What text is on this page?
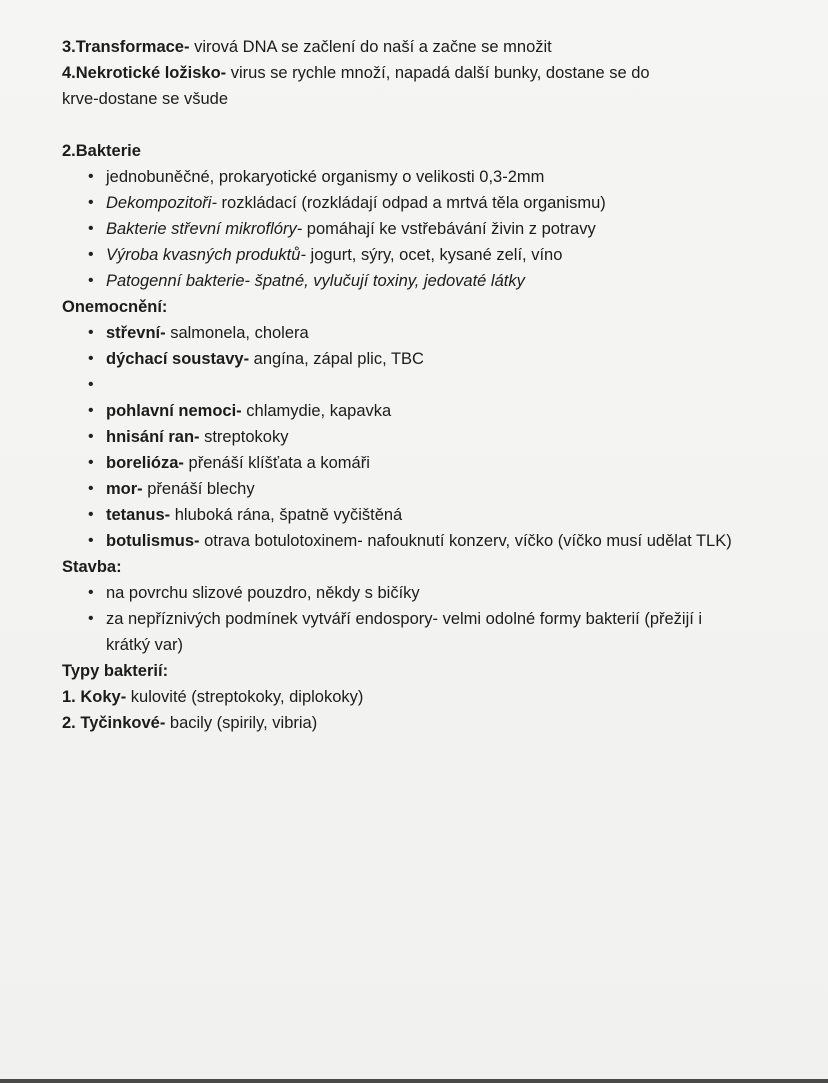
3.Transformace- virová DNA se začlení do naší a začne se množit

4.Nekrotické ložisko- virus se rychle množí, napadá další bunky, dostane se do

krve-dostane se všude

2.Bakterie

• jednobuněčné, prokaryotické organismy o velikosti 0,3-2mm
• Dekompozitoři- rozkládací (rozkládají odpad a mrtvá těla organismu)
• Bakterie střevní mikroflóry- pomáhají ke vstřebávání živin z potravy
• Výroba kvasných produktů- jogurt, sýry, ocet, kysané zelí, víno
• Patogenní bakterie- špatné, vylučují toxiny, jedovaté látky

Onemocnění:

• střevní- salmonela, cholera
• dýchací soustavy- angína, zápal plic, TBC
•
• pohlavní nemoci- chlamydie, kapavka
• hnisání ran- streptokoky
• borelióza- přenáší klíšťata a komáři
• mor- přenáší blechy
• tetanus- hluboká rána, špatně vyčištěná
• botulismus- otrava botulotoxinem- nafouknutí konzerv, víčko (víčko musí udělat TLK)

Stavba:

• na povrchu slizové pouzdro, někdy s bičíky
• za nepříznivých podmínek vytváří endospory- velmi odolné formy bakterií (přežijí i krátký var)

Typy bakterií:

1. Koky- kulovité (streptokoky, diplokoky)

2. Tyčinkové- bacily (spirily, vibria)
